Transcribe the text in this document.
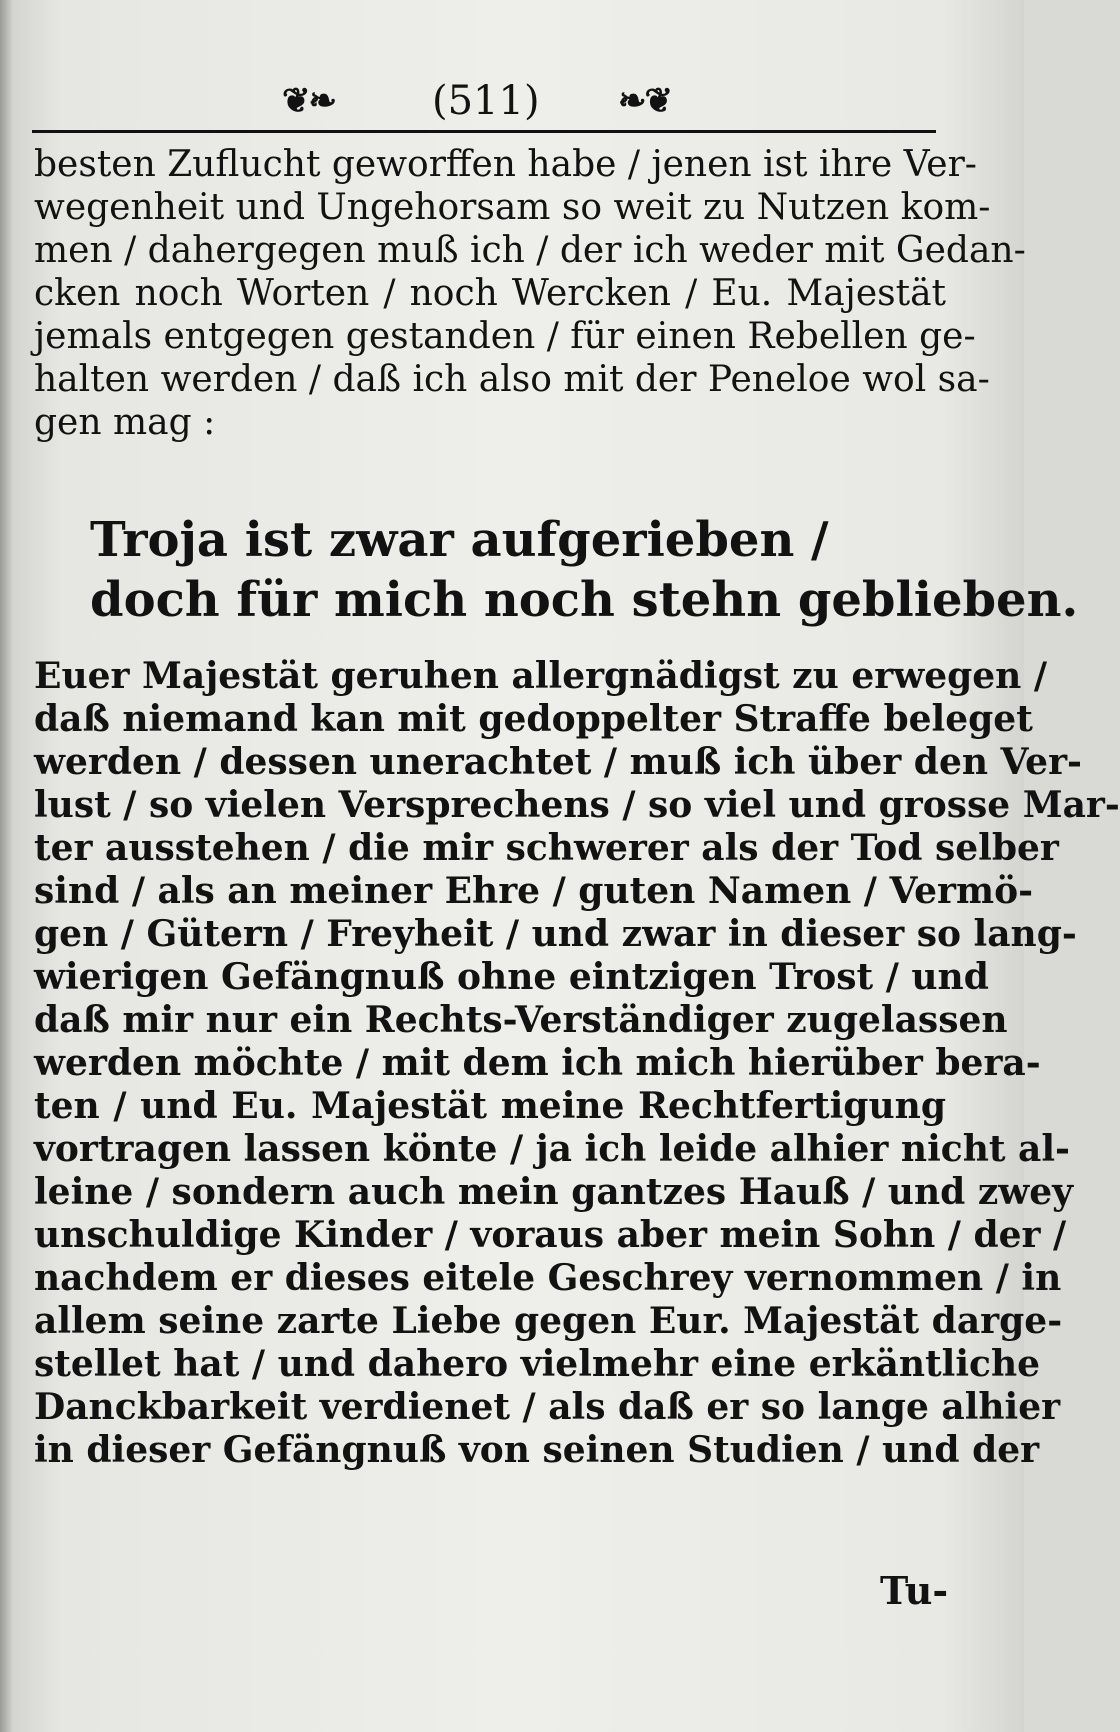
❦❧ (511) ❧❦
besten Zuflucht geworffen habe / jenen ist ihre Ver-
wegenheit und Ungehorsam so weit zu Nutzen kom-
men / dahergegen muß ich / der ich weder mit Gedan-
cken noch Worten / noch Wercken / Eu. Majestät
jemals entgegen gestanden / für einen Rebellen ge-
halten werden / daß ich also mit der Peneloe wol sa-
gen mag :
Troja ist zwar aufgerieben /
doch für mich noch stehn geblieben.
Euer Majestät geruhen allergnädigst zu erwegen /
daß niemand kan mit gedoppelter Straffe beleget
werden / dessen unerachtet / muß ich über den Ver-
lust / so vielen Versprechens / so viel und grosse Mar-
ter ausstehen / die mir schwerer als der Tod selber
sind / als an meiner Ehre / guten Namen / Vermö-
gen / Gütern / Freyheit / und zwar in dieser so lang-
wierigen Gefängnuß ohne eintzigen Trost / und
daß mir nur ein Rechts-Verständiger zugelassen
werden möchte / mit dem ich mich hierüber bera-
ten / und Eu. Majestät meine Rechtfertigung
vortragen lassen könte / ja ich leide alhier nicht al-
leine / sondern auch mein gantzes Hauß / und zwey
unschuldige Kinder / voraus aber mein Sohn / der /
nachdem er dieses eitele Geschrey vernommen / in
allem seine zarte Liebe gegen Eur. Majestät darge-
stellet hat / und dahero vielmehr eine erkäntliche
Danckbarkeit verdienet / als daß er so lange alhier
in dieser Gefängnuß von seinen Studien / und der
Tu-
